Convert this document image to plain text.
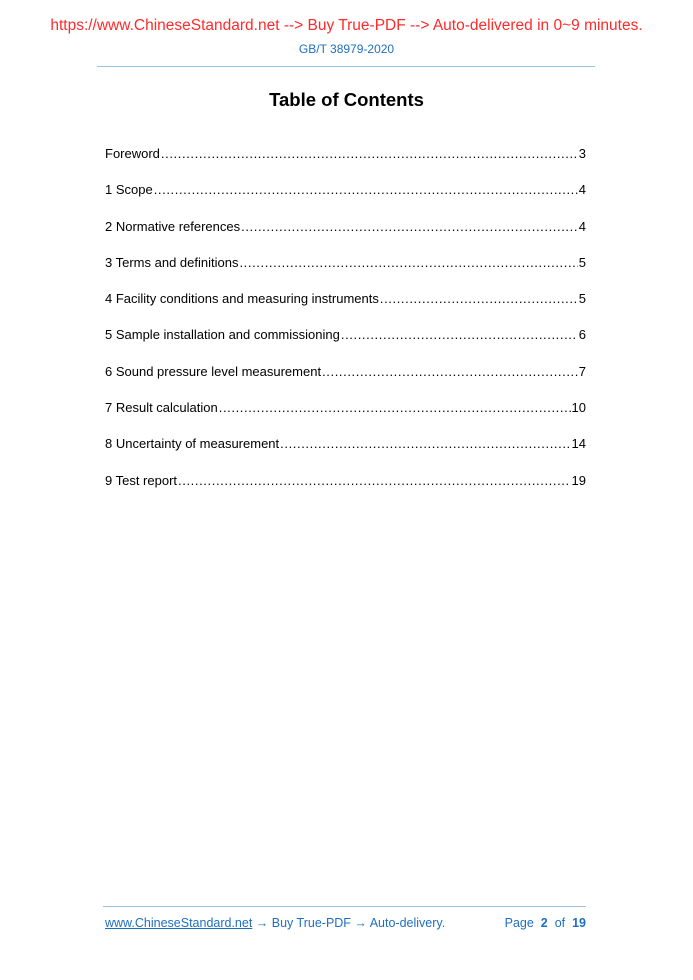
https://www.ChineseStandard.net --> Buy True-PDF --> Auto-delivered in 0~9 minutes.
GB/T 38979-2020
Table of Contents
Foreword .....	3
1 Scope .....	4
2 Normative references .....	4
3 Terms and definitions .....	5
4 Facility conditions and measuring instruments .....	5
5 Sample installation and commissioning .....	6
6 Sound pressure level measurement .....	7
7 Result calculation .....	10
8 Uncertainty of measurement .....	14
9 Test report .....	19
www.ChineseStandard.net → Buy True-PDF → Auto-delivery.	Page 2 of 19
